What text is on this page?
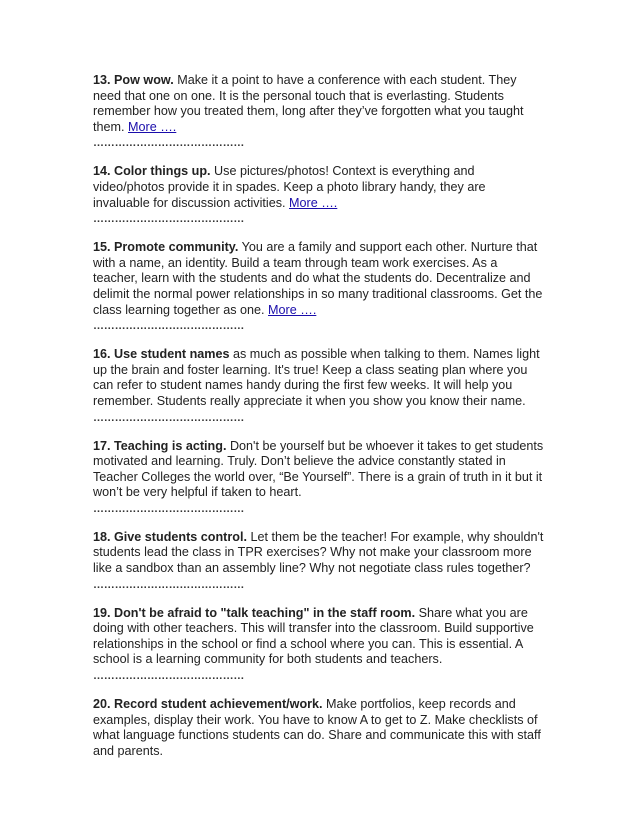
13. Pow wow. Make it a point to have a conference with each student. They need that one on one. It is the personal touch that is everlasting. Students remember how you treated them, long after they’ve forgotten what you taught them. More ….

……………………………………

14. Color things up. Use pictures/photos! Context is everything and video/photos provide it in spades. Keep a photo library handy, they are invaluable for discussion activities. More ….

……………………………………

15. Promote community. You are a family and support each other. Nurture that with a name, an identity. Build a team through team work exercises. As a teacher, learn with the students and do what the students do. Decentralize and delimit the normal power relationships in so many traditional classrooms. Get the class learning together as one. More ….

……………………………………

16. Use student names as much as possible when talking to them. Names light up the brain and foster learning. It's true! Keep a class seating plan where you can refer to student names handy during the first few weeks. It will help you remember. Students really appreciate it when you show you know their name.

……………………………………

17. Teaching is acting. Don't be yourself but be whoever it takes to get students motivated and learning. Truly. Don’t believe the advice constantly stated in Teacher Colleges the world over, “Be Yourself”. There is a grain of truth in it but it won’t be very helpful if taken to heart.

……………………………………

18. Give students control. Let them be the teacher! For example, why shouldn't students lead the class in TPR exercises? Why not make your classroom more like a sandbox than an assembly line? Why not negotiate class rules together?

……………………………………

19. Don't be afraid to "talk teaching" in the staff room. Share what you are doing with other teachers. This will transfer into the classroom. Build supportive relationships in the school or find a school where you can. This is essential. A school is a learning community for both students and teachers.

……………………………………

20. Record student achievement/work. Make portfolios, keep records and examples, display their work. You have to know A to get to Z. Make checklists of what language functions students can do. Share and communicate this with staff and parents.
